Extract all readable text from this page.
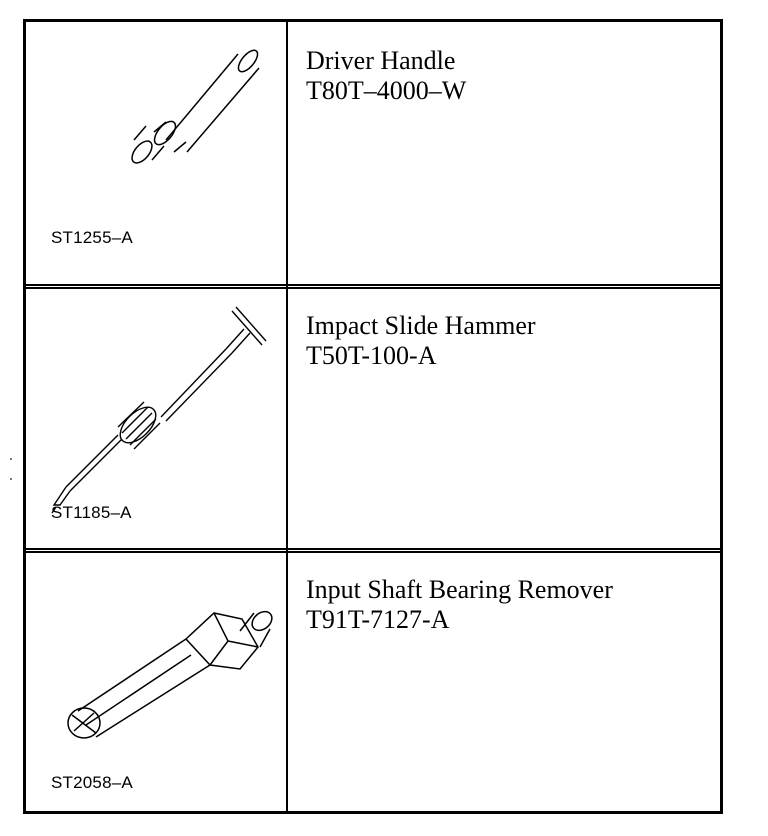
ST1255–A
Driver Handle
T80T–4000–W
ST1185–A
Impact Slide Hammer
T50T-100-A
ST2058–A
Input Shaft Bearing Remover
T91T-7127-A
